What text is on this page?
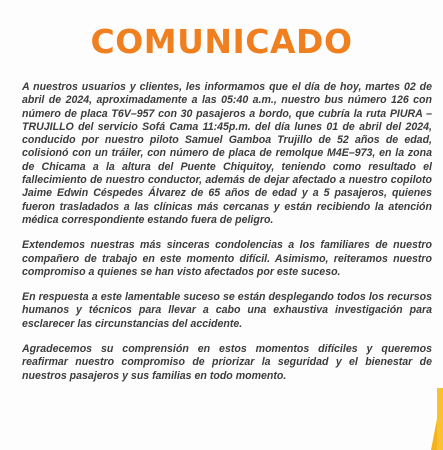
COMUNICADO

A nuestros usuarios y clientes, les informamos que el día de hoy, martes 02 de abril de 2024, aproximadamente a las 05:40 a.m., nuestro bus número 126 con número de placa T6V–957 con 30 pasajeros a bordo, que cubría la ruta PIURA – TRUJILLO del servicio Sofá Cama 11:45p.m. del día lunes 01 de abril del 2024, conducido por nuestro piloto Samuel Gamboa Trujillo de 52 años de edad, colisionó con un tráiler, con número de placa de remolque M4E–973, en la zona de Chicama a la altura del Puente Chiquitoy, teniendo como resultado el fallecimiento de nuestro conductor, además de dejar afectado a nuestro copiloto Jaime Edwin Céspedes Álvarez de 65 años de edad y a 5 pasajeros, quienes fueron trasladados a las clínicas más cercanas y están recibiendo la atención médica correspondiente estando fuera de peligro.

Extendemos nuestras más sinceras condolencias a los familiares de nuestro compañero de trabajo en este momento difícil. Asimismo, reiteramos nuestro compromiso a quienes se han visto afectados por este suceso.

En respuesta a este lamentable suceso se están desplegando todos los recursos humanos y técnicos para llevar a cabo una exhaustiva investigación para esclarecer las circunstancias del accidente.

Agradecemos su comprensión en estos momentos difíciles y queremos reafirmar nuestro compromiso de priorizar la seguridad y el bienestar de nuestros pasajeros y sus familias en todo momento.
